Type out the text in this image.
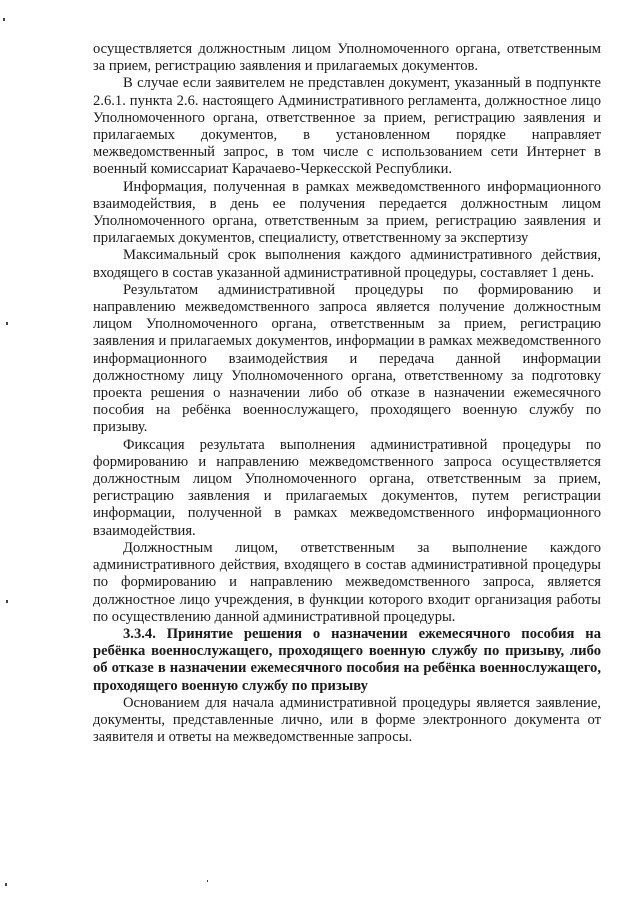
осуществляется должностным лицом Уполномоченного органа, ответственным за прием, регистрацию заявления и прилагаемых документов.

В случае если заявителем не представлен документ, указанный в подпункте 2.6.1. пункта 2.6. настоящего Административного регламента, должностное лицо Уполномоченного органа, ответственное за прием, регистрацию заявления и прилагаемых документов, в установленном порядке направляет межведомственный запрос, в том числе с использованием сети Интернет в военный комиссариат Карачаево-Черкесской Республики.

Информация, полученная в рамках межведомственного информационного взаимодействия, в день ее получения передается должностным лицом Уполномоченного органа, ответственным за прием, регистрацию заявления и прилагаемых документов, специалисту, ответственному за экспертизу

Максимальный срок выполнения каждого административного действия, входящего в состав указанной административной процедуры, составляет 1 день.

Результатом административной процедуры по формированию и направлению межведомственного запроса является получение должностным лицом Уполномоченного органа, ответственным за прием, регистрацию заявления и прилагаемых документов, информации в рамках межведомственного информационного взаимодействия и передача данной информации должностному лицу Уполномоченного органа, ответственному за подготовку проекта решения о назначении либо об отказе в назначении ежемесячного пособия на ребёнка военнослужащего, проходящего военную службу по призыву.

Фиксация результата выполнения административной процедуры по формированию и направлению межведомственного запроса осуществляется должностным лицом Уполномоченного органа, ответственным за прием, регистрацию заявления и прилагаемых документов, путем регистрации информации, полученной в рамках межведомственного информационного взаимодействия.

Должностным лицом, ответственным за выполнение каждого административного действия, входящего в состав административной процедуры по формированию и направлению межведомственного запроса, является должностное лицо учреждения, в функции которого входит организация работы по осуществлению данной административной процедуры.

3.3.4. Принятие решения о назначении ежемесячного пособия на ребёнка военнослужащего, проходящего военную службу по призыву, либо об отказе в назначении ежемесячного пособия на ребёнка военнослужащего, проходящего военную службу по призыву

Основанием для начала административной процедуры является заявление, документы, представленные лично, или в форме электронного документа от заявителя и ответы на межведомственные запросы.
